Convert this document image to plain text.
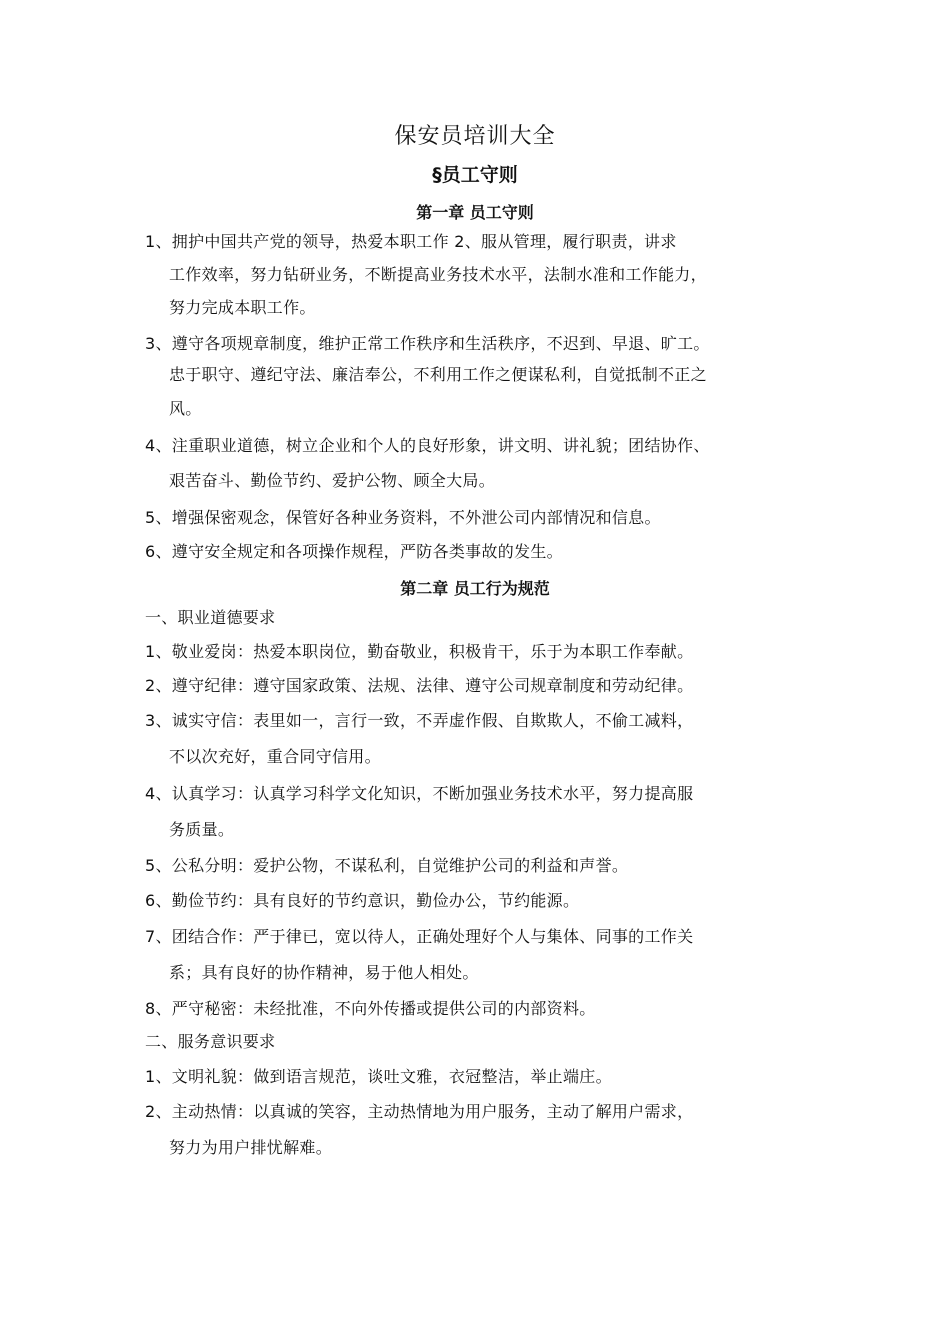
保安员培训大全
§员工守则
第一章 员工守则
1、拥护中国共产党的领导，热爱本职工作 2、服从管理，履行职责，讲求
工作效率，努力钻研业务，不断提高业务技术水平，法制水准和工作能力，
努力完成本职工作。
3、遵守各项规章制度，维护正常工作秩序和生活秩序，不迟到、早退、旷工。
忠于职守、遵纪守法、廉洁奉公，不利用工作之便谋私利，自觉抵制不正之
风。
4、注重职业道德，树立企业和个人的良好形象，讲文明、讲礼貌；团结协作、
艰苦奋斗、勤俭节约、爱护公物、顾全大局。
5、增强保密观念，保管好各种业务资料，不外泄公司内部情况和信息。
6、遵守安全规定和各项操作规程，严防各类事故的发生。
第二章 员工行为规范
一、职业道德要求
1、敬业爱岗：热爱本职岗位，勤奋敬业，积极肯干，乐于为本职工作奉献。
2、遵守纪律：遵守国家政策、法规、法律、遵守公司规章制度和劳动纪律。
3、诚实守信：表里如一，言行一致，不弄虚作假、自欺欺人，不偷工减料，
不以次充好，重合同守信用。
4、认真学习：认真学习科学文化知识，不断加强业务技术水平，努力提高服
务质量。
5、公私分明：爱护公物，不谋私利，自觉维护公司的利益和声誉。
6、勤俭节约：具有良好的节约意识，勤俭办公，节约能源。
7、团结合作：严于律已，宽以待人，正确处理好个人与集体、同事的工作关
系；具有良好的协作精神，易于他人相处。
8、严守秘密：未经批准，不向外传播或提供公司的内部资料。
二、服务意识要求
1、文明礼貌：做到语言规范，谈吐文雅，衣冠整洁，举止端庄。
2、主动热情：以真诚的笑容，主动热情地为用户服务，主动了解用户需求，
努力为用户排忧解难。
